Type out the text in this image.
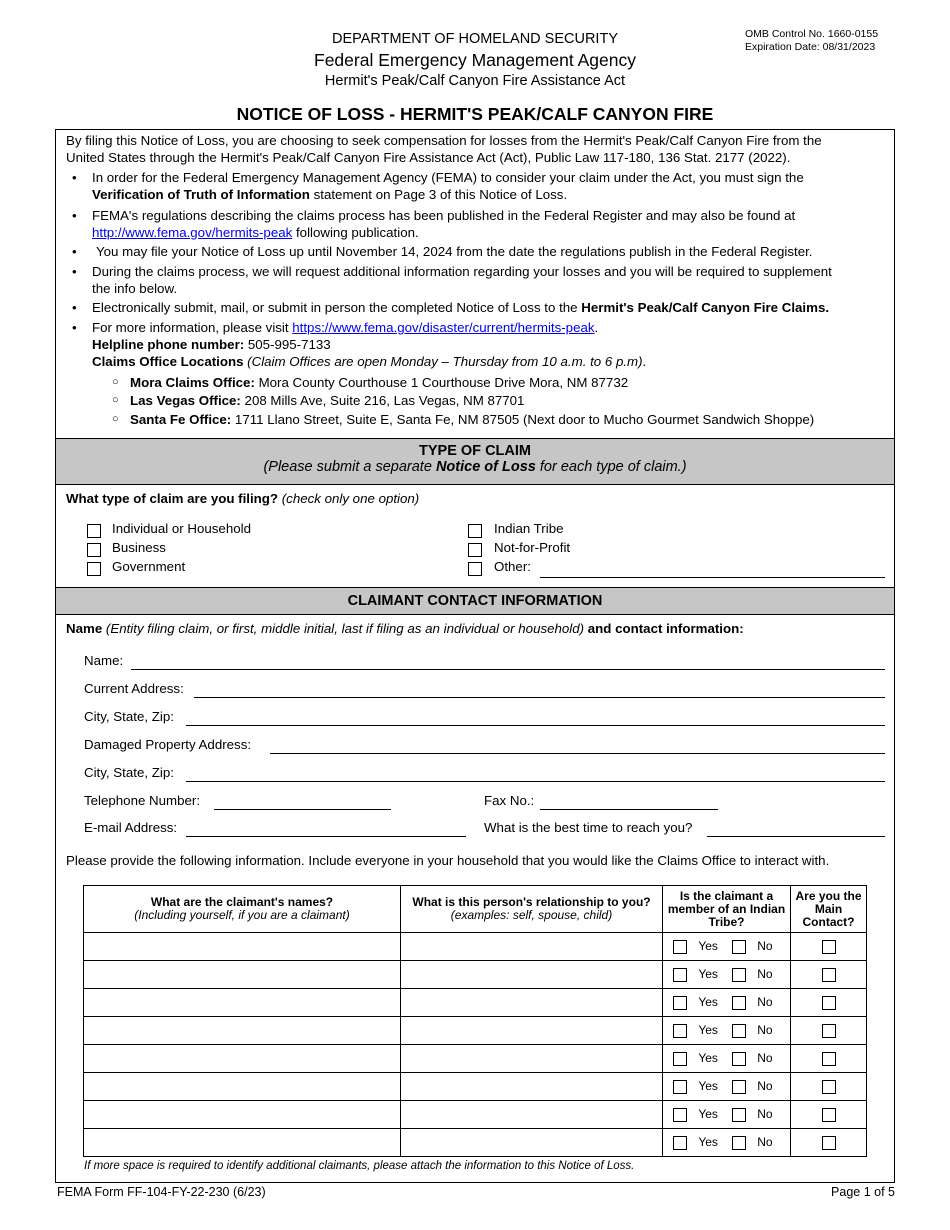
DEPARTMENT OF HOMELAND SECURITY
Federal Emergency Management Agency
Hermit's Peak/Calf Canyon Fire Assistance Act
OMB Control No. 1660-0155
Expiration Date: 08/31/2023
NOTICE OF LOSS - HERMIT'S PEAK/CALF CANYON FIRE
By filing this Notice of Loss, you are choosing to seek compensation for losses from the Hermit's Peak/Calf Canyon Fire from the
United States through the Hermit's Peak/Calf Canyon Fire Assistance Act (Act), Public Law 117-180, 136 Stat. 2177 (2022).
• In order for the Federal Emergency Management Agency (FEMA) to consider your claim under the Act, you must sign the
Verification of Truth of Information statement on Page 3 of this Notice of Loss.
• FEMA's regulations describing the claims process has been published in the Federal Register and may also be found at
http://www.fema.gov/hermits-peak following publication.
• You may file your Notice of Loss up until November 14, 2024 from the date the regulations publish in the Federal Register.
• During the claims process, we will request additional information regarding your losses and you will be required to supplement
the info below.
• Electronically submit, mail, or submit in person the completed Notice of Loss to the Hermit's Peak/Calf Canyon Fire Claims.
• For more information, please visit https://www.fema.gov/disaster/current/hermits-peak.
Helpline phone number: 505-995-7133
Claims Office Locations (Claim Offices are open Monday – Thursday from 10 a.m. to 6 p.m).
○ Mora Claims Office: Mora County Courthouse 1 Courthouse Drive Mora, NM 87732
○ Las Vegas Office: 208 Mills Ave, Suite 216, Las Vegas, NM 87701
○ Santa Fe Office: 1711 Llano Street, Suite E, Santa Fe, NM 87505 (Next door to Mucho Gourmet Sandwich Shoppe)
TYPE OF CLAIM
(Please submit a separate Notice of Loss for each type of claim.)
What type of claim are you filing? (check only one option)
Individual or Household
Business
Government
Indian Tribe
Not-for-Profit
Other:
CLAIMANT CONTACT INFORMATION
Name (Entity filing claim, or first, middle initial, last if filing as an individual or household) and contact information:
Name:
Current Address:
City, State, Zip:
Damaged Property Address:
City, State, Zip:
Telephone Number:	Fax No.:
E-mail Address:	What is the best time to reach you?
Please provide the following information. Include everyone in your household that you would like the Claims Office to interact with.
What are the claimant's names?
(Including yourself, if you are a claimant)	What is this person's relationship to you?
(examples: self, spouse, child)	Is the claimant a member of an Indian Tribe?	Are you the Main Contact?
		Yes No	
		Yes No	
		Yes No	
		Yes No	
		Yes No	
		Yes No	
		Yes No	
		Yes No	
If more space is required to identify additional claimants, please attach the information to this Notice of Loss.
FEMA Form FF-104-FY-22-230 (6/23)	Page 1 of 5
